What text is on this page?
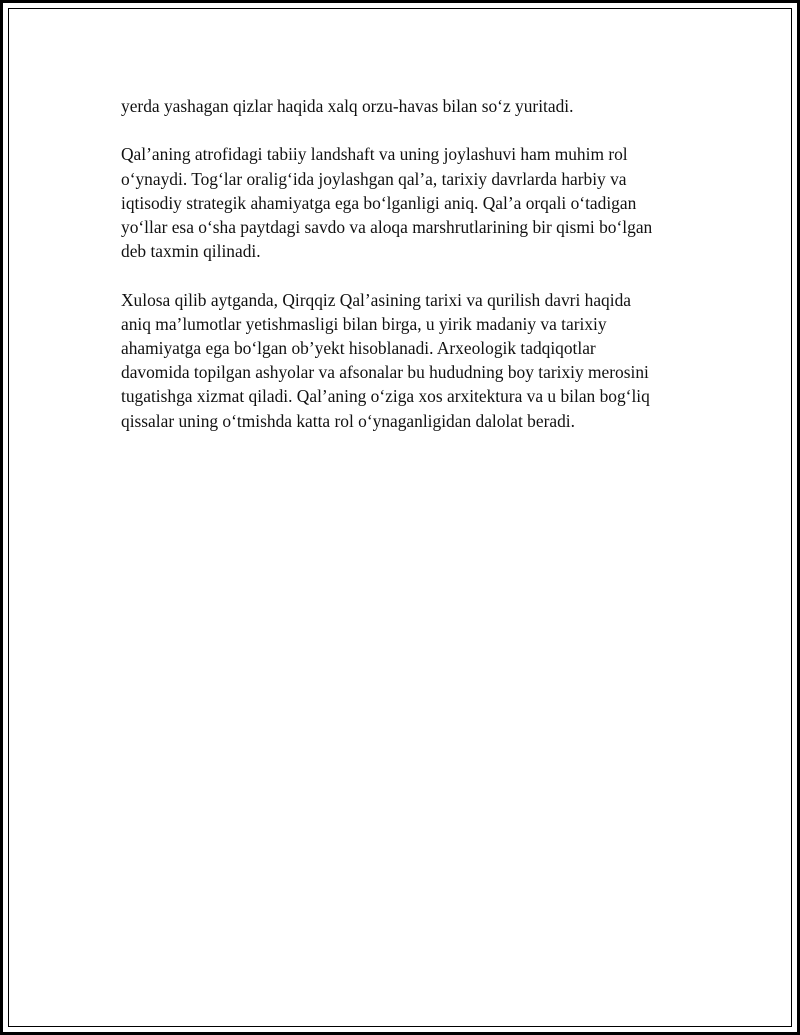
yerda yashagan qizlar haqida xalq orzu-havas bilan so‘z yuritadi.

Qal’aning atrofidagi tabiiy landshaft va uning joylashuvi ham muhim rol
o‘ynaydi. Tog‘lar oralig‘ida joylashgan qal’a, tarixiy davrlarda harbiy va
iqtisodiy strategik ahamiyatga ega bo‘lganligi aniq. Qal’a orqali o‘tadigan
yo‘llar esa o‘sha paytdagi savdo va aloqa marshrutlarining bir qismi bo‘lgan
deb taxmin qilinadi.

Xulosa qilib aytganda, Qirqqiz Qal’asining tarixi va qurilish davri haqida
aniq ma’lumotlar yetishmasligi bilan birga, u yirik madaniy va tarixiy
ahamiyatga ega bo‘lgan ob’yekt hisoblanadi. Arxeologik tadqiqotlar
davomida topilgan ashyolar va afsonalar bu hududning boy tarixiy merosini
tugatishga xizmat qiladi. Qal’aning o‘ziga xos arxitektura va u bilan bog‘liq
qissalar uning o‘tmishda katta rol o‘ynaganligidan dalolat beradi.
